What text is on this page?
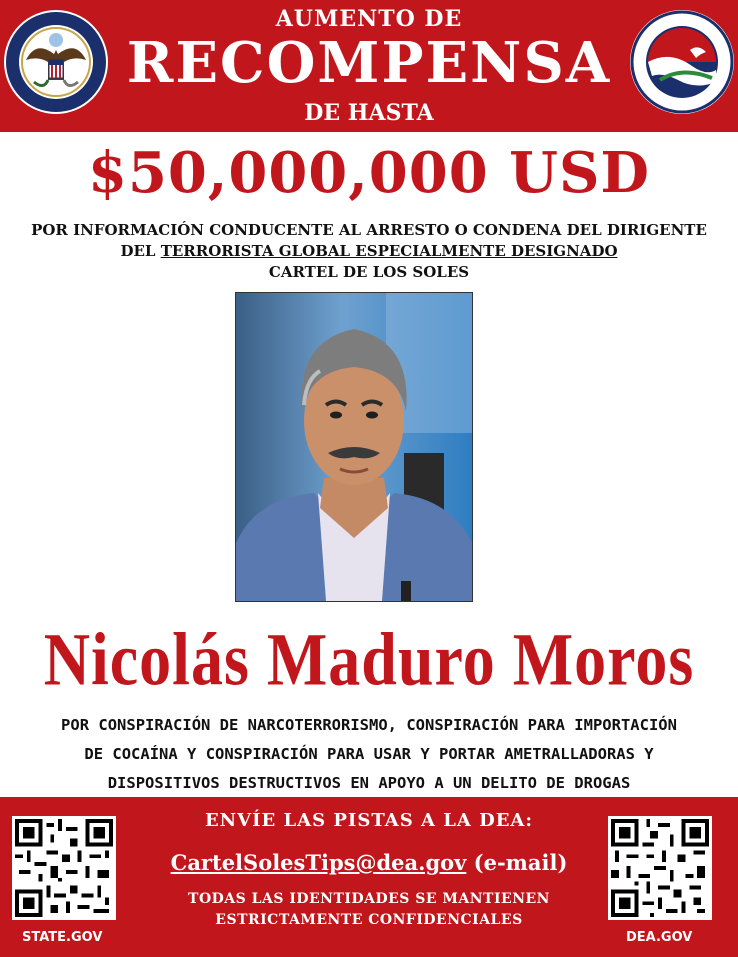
AUMENTO DE
RECOMPENSA
DE HASTA
$50,000,000 USD
POR INFORMACIÓN CONDUCENTE AL ARRESTO O CONDENA DEL DIRIGENTE
DEL TERRORISTA GLOBAL ESPECIALMENTE DESIGNADO
CARTEL DE LOS SOLES
Nicolás Maduro Moros
POR CONSPIRACIÓN DE NARCOTERRORISMO, CONSPIRACIÓN PARA IMPORTACIÓN
DE COCAÍNA Y CONSPIRACIÓN PARA USAR Y PORTAR AMETRALLADORAS Y
DISPOSITIVOS DESTRUCTIVOS EN APOYO A UN DELITO DE DROGAS
STATE.GOV	DEA.GOV
ENVÍE LAS PISTAS A LA DEA:
CartelSolesTips@dea.gov (e-mail)
TODAS LAS IDENTIDADES SE MANTIENEN
ESTRICTAMENTE CONFIDENCIALES
